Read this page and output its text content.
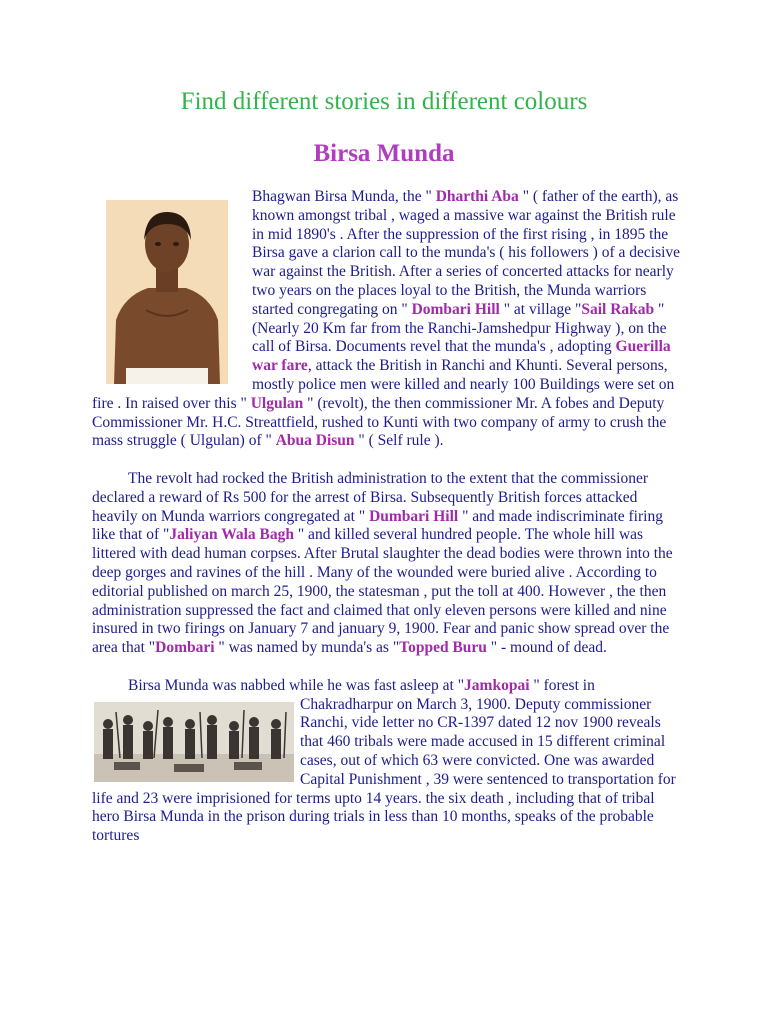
Find different stories in different colours
Birsa Munda

Bhagwan Birsa Munda, the " Dharthi Aba " ( father of the earth), as known amongst tribal , waged a massive war against the British rule in mid 1890's . After the suppression of the first rising , in 1895 the Birsa gave a clarion call to the munda's ( his followers ) of a decisive war against the British. After a series of concerted attacks for nearly two years on the places loyal to the British, the Munda warriors started congregating on " Dombari Hill " at village "Sail Rakab " (Nearly 20 Km far from the Ranchi-Jamshedpur Highway ), on the call of Birsa. Documents revel that the munda's , adopting Guerilla war fare, attack the British in Ranchi and Khunti. Several persons, mostly police men were killed and nearly 100 Buildings were set on fire . In raised over this " Ulgulan " (revolt), the then commissioner Mr. A fobes and Deputy Commissioner Mr. H.C. Streattfield, rushed to Kunti with two company of army to crush the mass struggle ( Ulgulan) of " Abua Disun " ( Self rule ).

The revolt had rocked the British administration to the extent that the commissioner declared a reward of Rs 500 for the arrest of Birsa. Subsequently British forces attacked heavily on Munda warriors congregated at " Dumbari Hill " and made indiscriminate firing like that of "Jaliyan Wala Bagh " and killed several hundred people. The whole hill was littered with dead human corpses. After Brutal slaughter the dead bodies were thrown into the deep gorges and ravines of the hill . Many of the wounded were buried alive . According to editorial published on march 25, 1900, the statesman , put the toll at 400. However , the then administration suppressed the fact and claimed that only eleven persons were killed and nine insured in two firings on January 7 and january 9, 1900. Fear and panic show spread over the area that "Dombari " was named by munda's as "Topped Buru " - mound of dead.

Birsa Munda was nabbed while he was fast asleep at "Jamkopai
" forest in Chakradharpur on March 3, 1900. Deputy commissioner Ranchi, vide letter no CR-1397 dated 12 nov 1900 reveals that 460 tribals were made accused in 15 different criminal cases, out of which 63 were convicted. One was awarded Capital Punishment , 39 were sentenced to transportation for life and 23 were imprisioned for terms upto 14 years. the six death , including that of tribal hero Birsa Munda in the prison during trials in less than 10 months, speaks of the probable tortures
